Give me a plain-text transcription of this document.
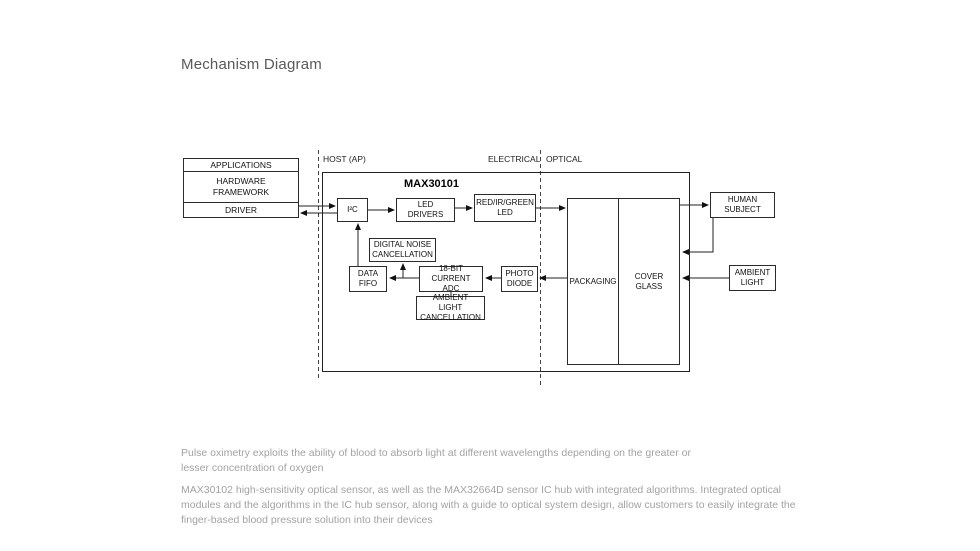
Mechanism Diagram
MAX30101
HOST (AP)	ELECTRICAL OPTICAL
APPLICATIONS
HARDWARE FRAMEWORK
DRIVER	I²C
LED DRIVERS
RED/IR/GREEN LED
DIGITAL NOISE CANCELLATION
DATA FIFO
18-BIT CURRENT ADC
PHOTO DIODE
AMBIENT LIGHT CANCELLATION
PACKAGING
COVER GLASS
HUMAN SUBJECT
AMBIENT LIGHT

Pulse oximetry exploits the ability of blood to absorb light at different wavelengths depending on the greater or lesser concentration of oxygen

MAX30102 high-sensitivity optical sensor, as well as the MAX32664D sensor IC hub with integrated algorithms. Integrated optical modules and the algorithms in the IC hub sensor, along with a guide to optical system design, allow customers to easily integrate the finger-based blood pressure solution into their devices
